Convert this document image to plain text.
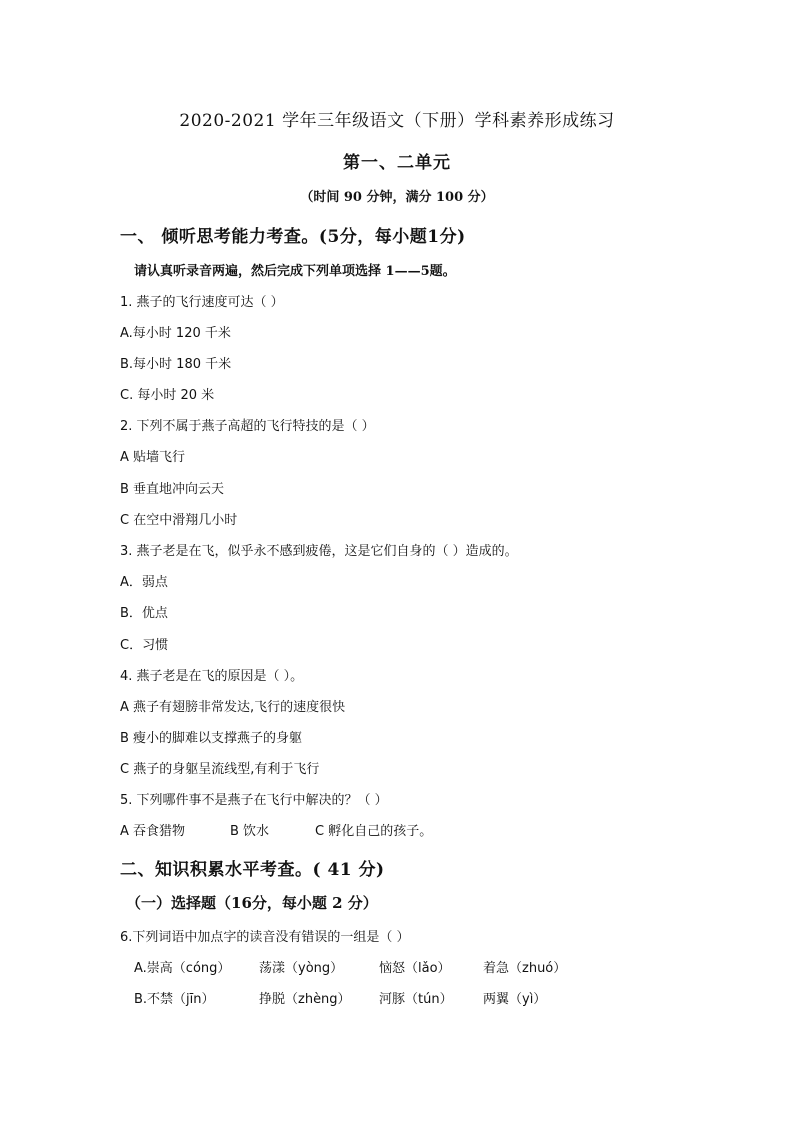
2020-2021 学年三年级语文（下册）学科素养形成练习
第一、二单元
（时间 90 分钟，满分 100 分）
一、 倾听思考能力考查。(5分，每小题1分)
请认真听录音两遍，然后完成下列单项选择 1——5题。
1. 燕子的飞行速度可达（ ）
A.每小时 120 千米
B.每小时 180 千米
C. 每小时 20 米
2. 下列不属于燕子高超的飞行特技的是（ ）
A 贴墙飞行
B 垂直地冲向云天
C 在空中滑翔几小时
3. 燕子老是在飞，似乎永不感到疲倦，这是它们自身的（ ）造成的。
A．弱点
B．优点
C．习惯
4. 燕子老是在飞的原因是（ ）。
A 燕子有翅膀非常发达,飞行的速度很快
B 瘦小的脚难以支撑燕子的身躯
C 燕子的身躯呈流线型,有利于飞行
5. 下列哪件事不是燕子在飞行中解决的？（ ）
A 吞食猎物	B 饮水	C 孵化自己的孩子。
二、知识积累水平考查。( 41 分)
（一）选择题（16分，每小题 2 分）
6.下列词语中加点字的读音没有错误的一组是（ ）
A.崇高（cóng） 荡漾（yòng）	恼怒（lǎo） 着急（zhuó）
B.不禁（jīn）	挣脱（zhèng） 河豚（tún） 两翼（yì）
